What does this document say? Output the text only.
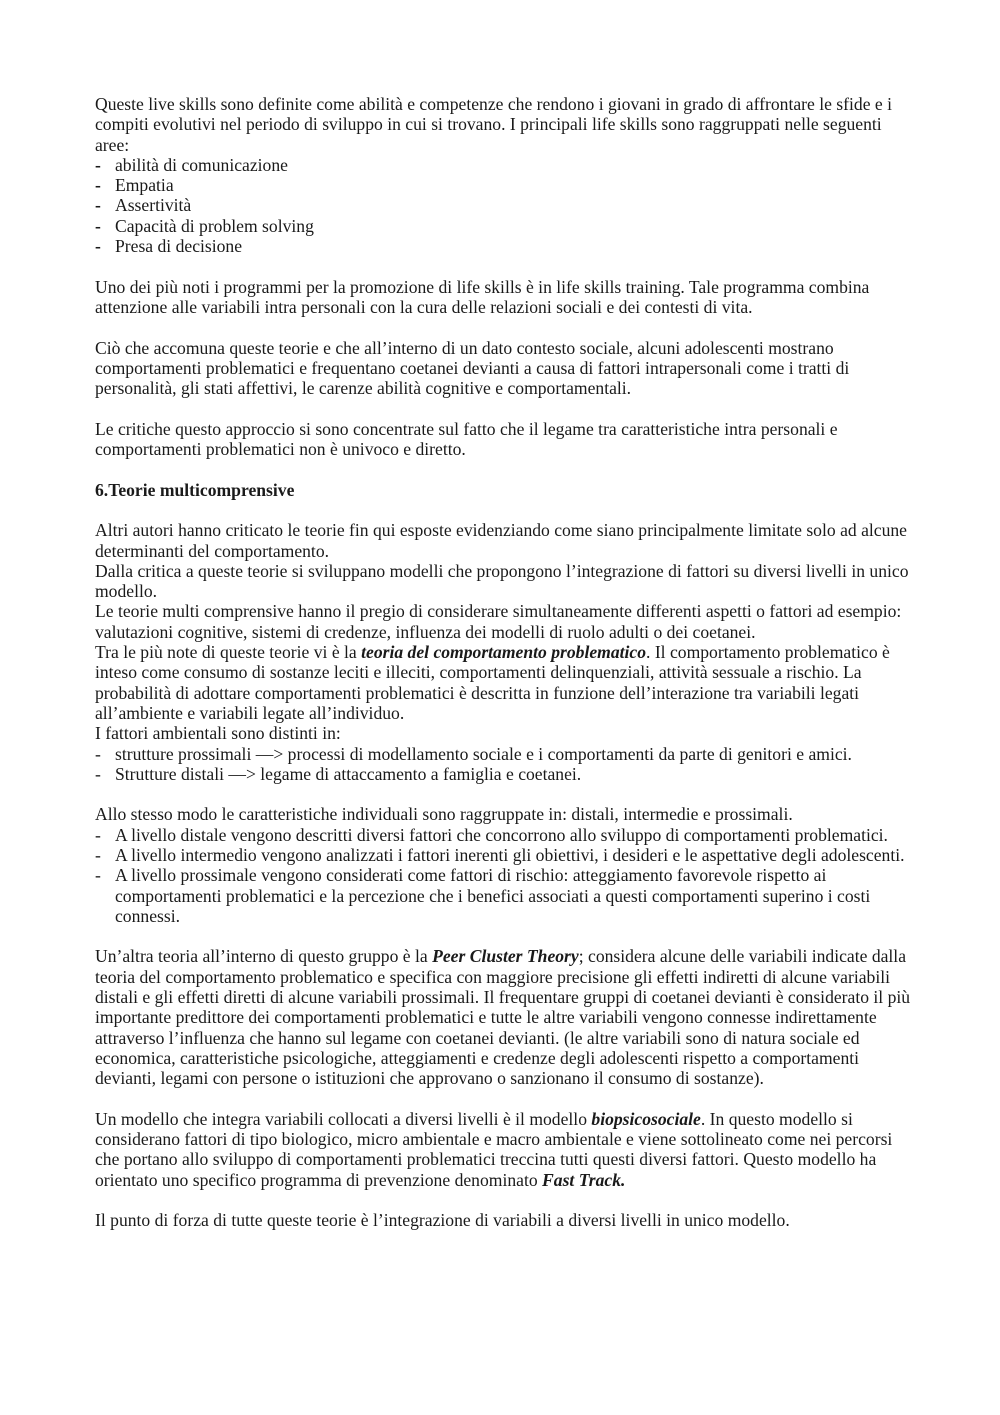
Queste live skills sono definite come abilità e competenze che rendono i giovani in grado di affrontare le sfide e i compiti evolutivi nel periodo di sviluppo in cui si trovano. I principali life skills sono raggruppati nelle seguenti aree:

- abilità di comunicazione
- Empatia
- Assertività
- Capacità di problem solving
- Presa di decisione

Uno dei più noti i programmi per la promozione di life skills è in life skills training. Tale programma combina attenzione alle variabili intra personali con la cura delle relazioni sociali e dei contesti di vita.

Ciò che accomuna queste teorie e che all’interno di un dato contesto sociale, alcuni adolescenti mostrano comportamenti problematici e frequentano coetanei devianti a causa di fattori intrapersonali come i tratti di personalità, gli stati affettivi, le carenze abilità cognitive e comportamentali.

Le critiche questo approccio si sono concentrate sul fatto che il legame tra caratteristiche intra personali e comportamenti problematici non è univoco e diretto.

6.Teorie multicomprensive

Altri autori hanno criticato le teorie fin qui esposte evidenziando come siano principalmente limitate solo ad alcune determinanti del comportamento.

Dalla critica a queste teorie si sviluppano modelli che propongono l’integrazione di fattori su diversi livelli in unico modello.

Le teorie multi comprensive hanno il pregio di considerare simultaneamente differenti aspetti o fattori ad esempio: valutazioni cognitive, sistemi di credenze, influenza dei modelli di ruolo adulti o dei coetanei.

Tra le più note di queste teorie vi è la teoria del comportamento problematico. Il comportamento problematico è inteso come consumo di sostanze leciti e illeciti, comportamenti delinquenziali, attività sessuale a rischio. La probabilità di adottare comportamenti problematici è descritta in funzione dell’interazione tra variabili legati all’ambiente e variabili legate all’individuo.

I fattori ambientali sono distinti in:

- strutture prossimali —> processi di modellamento sociale e i comportamenti da parte di genitori e amici.
- Strutture distali —> legame di attaccamento a famiglia e coetanei.

Allo stesso modo le caratteristiche individuali sono raggruppate in: distali, intermedie e prossimali.

- A livello distale vengono descritti diversi fattori che concorrono allo sviluppo di comportamenti problematici.
- A livello intermedio vengono analizzati i fattori inerenti gli obiettivi, i desideri e le aspettative degli adolescenti.
- A livello prossimale vengono considerati come fattori di rischio: atteggiamento favorevole rispetto ai comportamenti problematici e la percezione che i benefici associati a questi comportamenti superino i costi connessi.

Un’altra teoria all’interno di questo gruppo è la Peer Cluster Theory; considera alcune delle variabili indicate dalla teoria del comportamento problematico e specifica con maggiore precisione gli effetti indiretti di alcune variabili distali e gli effetti diretti di alcune variabili prossimali. Il frequentare gruppi di coetanei devianti è considerato il più importante predittore dei comportamenti problematici e tutte le altre variabili vengono connesse indirettamente attraverso l’influenza che hanno sul legame con coetanei devianti. (le altre variabili sono di natura sociale ed economica, caratteristiche psicologiche, atteggiamenti e credenze degli adolescenti rispetto a comportamenti devianti, legami con persone o istituzioni che approvano o sanzionano il consumo di sostanze).

Un modello che integra variabili collocati a diversi livelli è il modello biopsicosociale. In questo modello si considerano fattori di tipo biologico, micro ambientale e macro ambientale e viene sottolineato come nei percorsi che portano allo sviluppo di comportamenti problematici treccina tutti questi diversi fattori. Questo modello ha orientato uno specifico programma di prevenzione denominato Fast Track.

Il punto di forza di tutte queste teorie è l’integrazione di variabili a diversi livelli in unico modello.
